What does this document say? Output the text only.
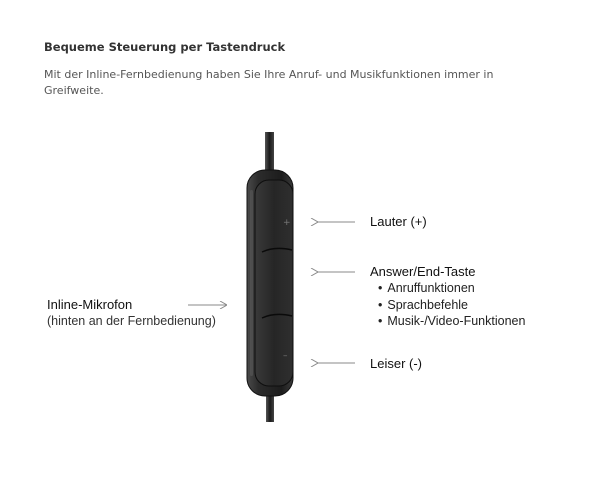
Bequeme Steuerung per Tastendruck

Mit der Inline-Fernbedienung haben Sie Ihre Anruf- und Musikfunktionen immer in Greifweite.

+
–
Lauter (+)
Answer/End-Taste
• Anruffunktionen
• Sprachbefehle
• Musik-/Video-Funktionen
Leiser (-)
Inline-Mikrofon
(hinten an der Fernbedienung)
